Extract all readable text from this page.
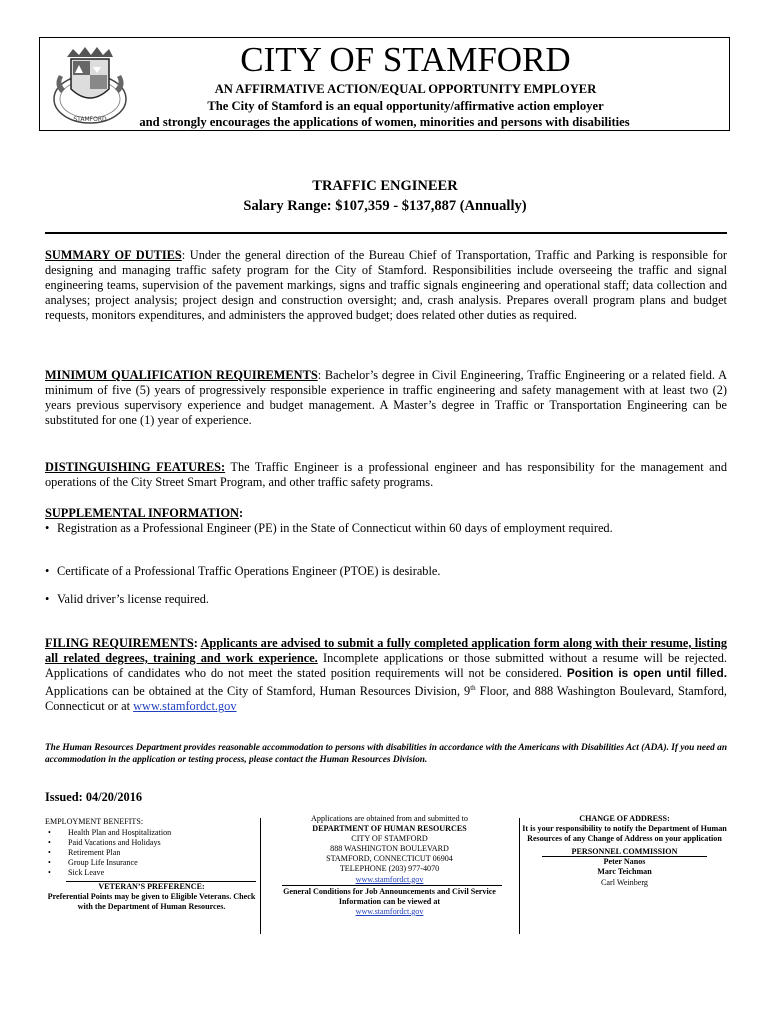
STAMFORD
CITY OF STAMFORD
AN AFFIRMATIVE ACTION/EQUAL OPPORTUNITY EMPLOYER
The City of Stamford is an equal opportunity/affirmative action employer
and strongly encourages the applications of women, minorities and persons with disabilities
TRAFFIC ENGINEER
Salary Range: $107,359 - $137,887 (Annually)

SUMMARY OF DUTIES: Under the general direction of the Bureau Chief of Transportation, Traffic and Parking is responsible for designing and managing traffic safety program for the City of Stamford. Responsibilities include overseeing the traffic and signal engineering teams, supervision of the pavement markings, signs and traffic signals engineering and operational staff; data collection and analyses; project analysis; project design and construction oversight; and, crash analysis. Prepares overall program plans and budget requests, monitors expenditures, and administers the approved budget; does related other duties as required.

MINIMUM QUALIFICATION REQUIREMENTS: Bachelor’s degree in Civil Engineering, Traffic Engineering or a related field. A minimum of five (5) years of progressively responsible experience in traffic engineering and safety management with at least two (2) years previous supervisory experience and budget management. A Master’s degree in Traffic or Transportation Engineering can be substituted for one (1) year of experience.

DISTINGUISHING FEATURES: The Traffic Engineer is a professional engineer and has responsibility for the management and operations of the City Street Smart Program, and other traffic safety programs.

SUPPLEMENTAL INFORMATION:

• Registration as a Professional Engineer (PE) in the State of Connecticut within 60 days of employment required.
• Certificate of a Professional Traffic Operations Engineer (PTOE) is desirable.
• Valid driver’s license required.

FILING REQUIREMENTS: Applicants are advised to submit a fully completed application form along with their resume, listing all related degrees, training and work experience. Incomplete applications or those submitted without a resume will be rejected. Applications of candidates who do not meet the stated position requirements will not be considered. Position is open until filled. Applications can be obtained at the City of Stamford, Human Resources Division, 9th Floor, and 888 Washington Boulevard, Stamford, Connecticut or at www.stamfordct.gov

The Human Resources Department provides reasonable accommodation to persons with disabilities in accordance with the Americans with Disabilities Act (ADA). If you need an accommodation in the application or testing process, please contact the Human Resources Division.
Issued: 04/20/2016
EMPLOYMENT BENEFITS:
• Health Plan and Hospitalization
• Paid Vacations and Holidays
• Retirement Plan
• Group Life Insurance
• Sick Leave
VETERAN’S PREFERENCE:
Preferential Points may be given to Eligible Veterans. Check with the Department of Human Resources.
Applications are obtained from and submitted to
DEPARTMENT OF HUMAN RESOURCES
CITY OF STAMFORD
888 WASHINGTON BOULEVARD
STAMFORD, CONNECTICUT 06904
TELEPHONE (203) 977-4070
www.stamfordct.gov
General Conditions for Job Announcements and Civil Service Information can be viewed at
www.stamfordct.gov
CHANGE OF ADDRESS:
It is your responsibility to notify the Department of Human Resources of any Change of Address on your application
PERSONNEL COMMISSION
Peter Nanos
Marc Teichman
Carl Weinberg
